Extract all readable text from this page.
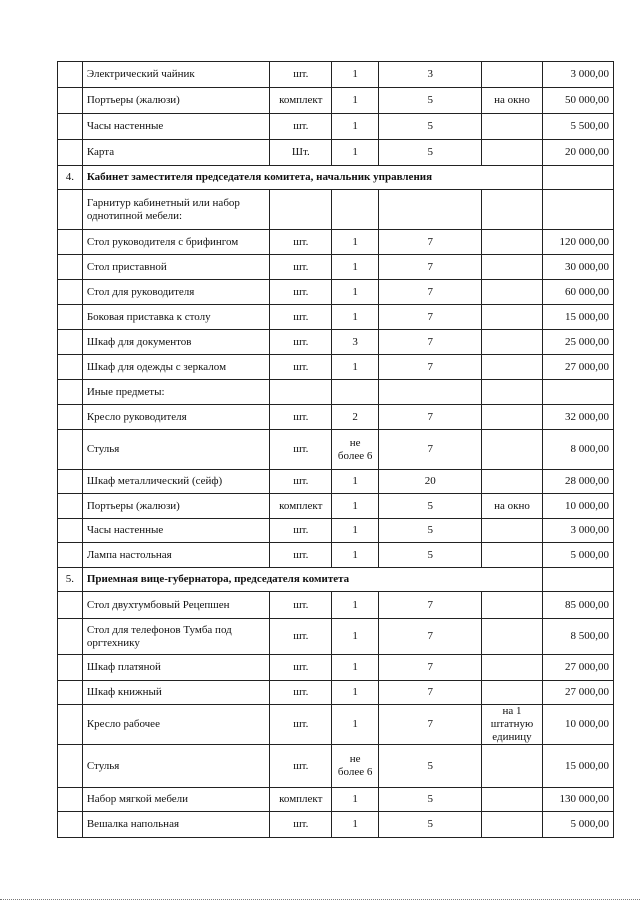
	Электрический чайник	шт.	1	3		3 000,00
	Портьеры (жалюзи)	комплект	1	5	на окно	50 000,00
	Часы настенные	шт.	1	5		5 500,00
	Карта	Шт.	1	5		20 000,00
4.	Кабинет заместителя председателя комитета, начальник управления					
	Гарнитур кабинетный или набор однотипной мебели:					
	Стол руководителя с брифингом	шт.	1	7		120 000,00
	Стол приставной	шт.	1	7		30 000,00
	Стол для руководителя	шт.	1	7		60 000,00
	Боковая приставка к столу	шт.	1	7		15 000,00
	Шкаф для документов	шт.	3	7		25 000,00
	Шкаф для одежды с зеркалом	шт.	1	7		27 000,00
	Иные предметы:					
	Кресло руководителя	шт.	2	7		32 000,00
	Стулья	шт.	не более 6	7		8 000,00
	Шкаф металлический (сейф)	шт.	1	20		28 000,00
	Портьеры (жалюзи)	комплект	1	5	на окно	10 000,00
	Часы настенные	шт.	1	5		3 000,00
	Лампа настольная	шт.	1	5		5 000,00
5.	Приемная вице-губернатора, председателя комитета					
	Стол двухтумбовый Рецепшен	шт.	1	7		85 000,00
	Стол для телефонов Тумба под оргтехнику	шт.	1	7		8 500,00
	Шкаф платяной	шт.	1	7		27 000,00
	Шкаф книжный	шт.	1	7		27 000,00
	Кресло рабочее	шт.	1	7	на 1 штатную единицу	10 000,00
	Стулья	шт.	не более 6	5		15 000,00
	Набор мягкой мебели	комплект	1	5		130 000,00
	Вешалка напольная	шт.	1	5		5 000,00
